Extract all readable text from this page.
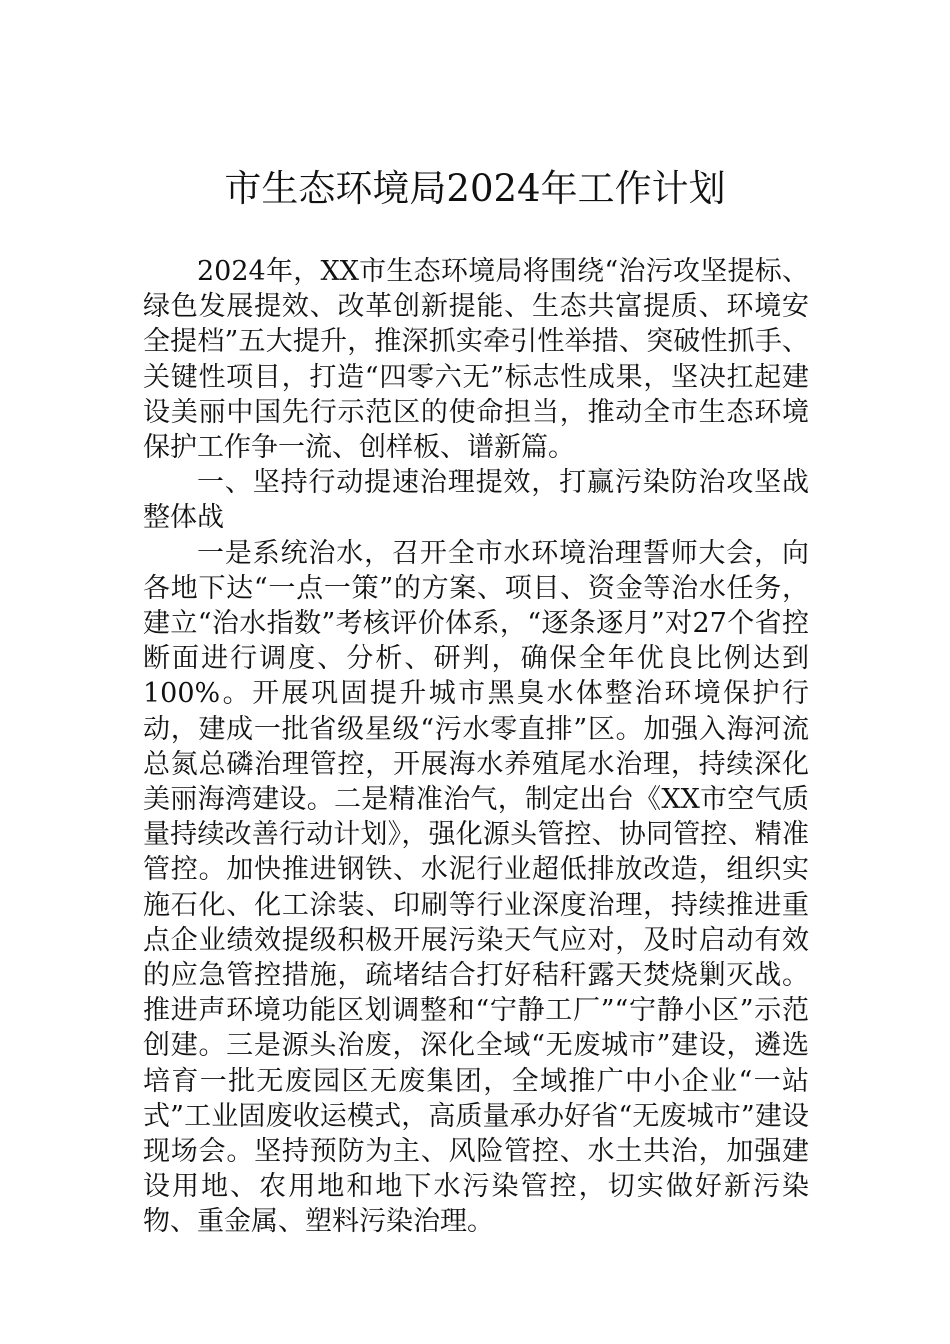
市生态环境局2024年工作计划

2024年，XX市生态环境局将围绕“治污攻坚提标、绿色发展提效、改革创新提能、生态共富提质、环境安全提档”五大提升，推深抓实牵引性举措、突破性抓手、关键性项目，打造“四零六无”标志性成果，坚决扛起建设美丽中国先行示范区的使命担当，推动全市生态环境保护工作争一流、创样板、谱新篇。

一、坚持行动提速治理提效，打赢污染防治攻坚战整体战

一是系统治水，召开全市水环境治理誓师大会，向各地下达“一点一策”的方案、项目、资金等治水任务，建立“治水指数”考核评价体系，“逐条逐月”对27个省控断面进行调度、分析、研判，确保全年优良比例达到100%。开展巩固提升城市黑臭水体整治环境保护行动，建成一批省级星级“污水零直排”区。加强入海河流总氮总磷治理管控，开展海水养殖尾水治理，持续深化美丽海湾建设。二是精准治气，制定出台《XX市空气质量持续改善行动计划》，强化源头管控、协同管控、精准管控。加快推进钢铁、水泥行业超低排放改造，组织实施石化、化工涂装、印刷等行业深度治理，持续推进重点企业绩效提级积极开展污染天气应对，及时启动有效的应急管控措施，疏堵结合打好秸秆露天焚烧剿灭战。推进声环境功能区划调整和“宁静工厂”“宁静小区”示范创建。三是源头治废，深化全域“无废城市”建设，遴选培育一批无废园区无废集团，全域推广中小企业“一站式”工业固废收运模式，高质量承办好省“无废城市”建设现场会。坚持预防为主、风险管控、水土共治，加强建设用地、农用地和地下水污染管控，切实做好新污染物、重金属、塑料污染治理。
